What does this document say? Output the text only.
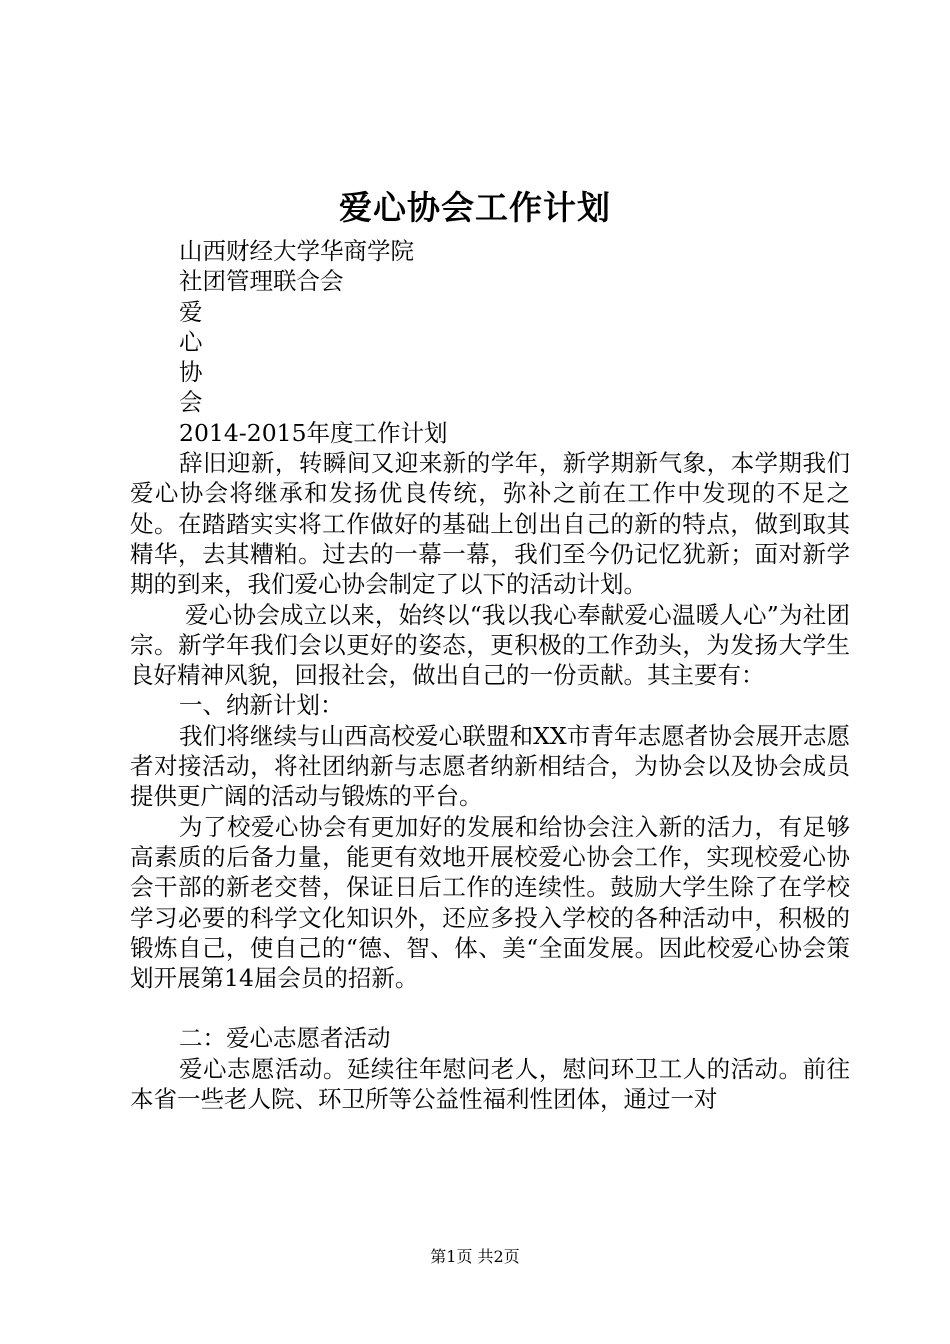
爱心协会工作计划

山西财经大学华商学院

社团管理联合会

爱

心

协

会

2014-2015年度工作计划

辞旧迎新，转瞬间又迎来新的学年，新学期新气象，本学期我们爱心协会将继承和发扬优良传统，弥补之前在工作中发现的不足之处。在踏踏实实将工作做好的基础上创出自己的新的特点，做到取其精华，去其糟粕。过去的一幕一幕，我们至今仍记忆犹新；面对新学期的到来，我们爱心协会制定了以下的活动计划。

爱心协会成立以来，始终以“我以我心奉献爱心温暖人心”为社团宗。新学年我们会以更好的姿态，更积极的工作劲头，为发扬大学生良好精神风貌，回报社会，做出自己的一份贡献。其主要有：

一、纳新计划：

我们将继续与山西高校爱心联盟和XX市青年志愿者协会展开志愿者对接活动，将社团纳新与志愿者纳新相结合，为协会以及协会成员提供更广阔的活动与锻炼的平台。

为了校爱心协会有更加好的发展和给协会注入新的活力，有足够高素质的后备力量，能更有效地开展校爱心协会工作，实现校爱心协会干部的新老交替，保证日后工作的连续性。鼓励大学生除了在学校学习必要的科学文化知识外，还应多投入学校的各种活动中，积极的锻炼自己，使自己的“德、智、体、美“全面发展。因此校爱心协会策划开展第14届会员的招新。

二：爱心志愿者活动

爱心志愿活动。延续往年慰问老人，慰问环卫工人的活动。前往本省一些老人院、环卫所等公益性福利性团体，通过一对

第1页 共2页
